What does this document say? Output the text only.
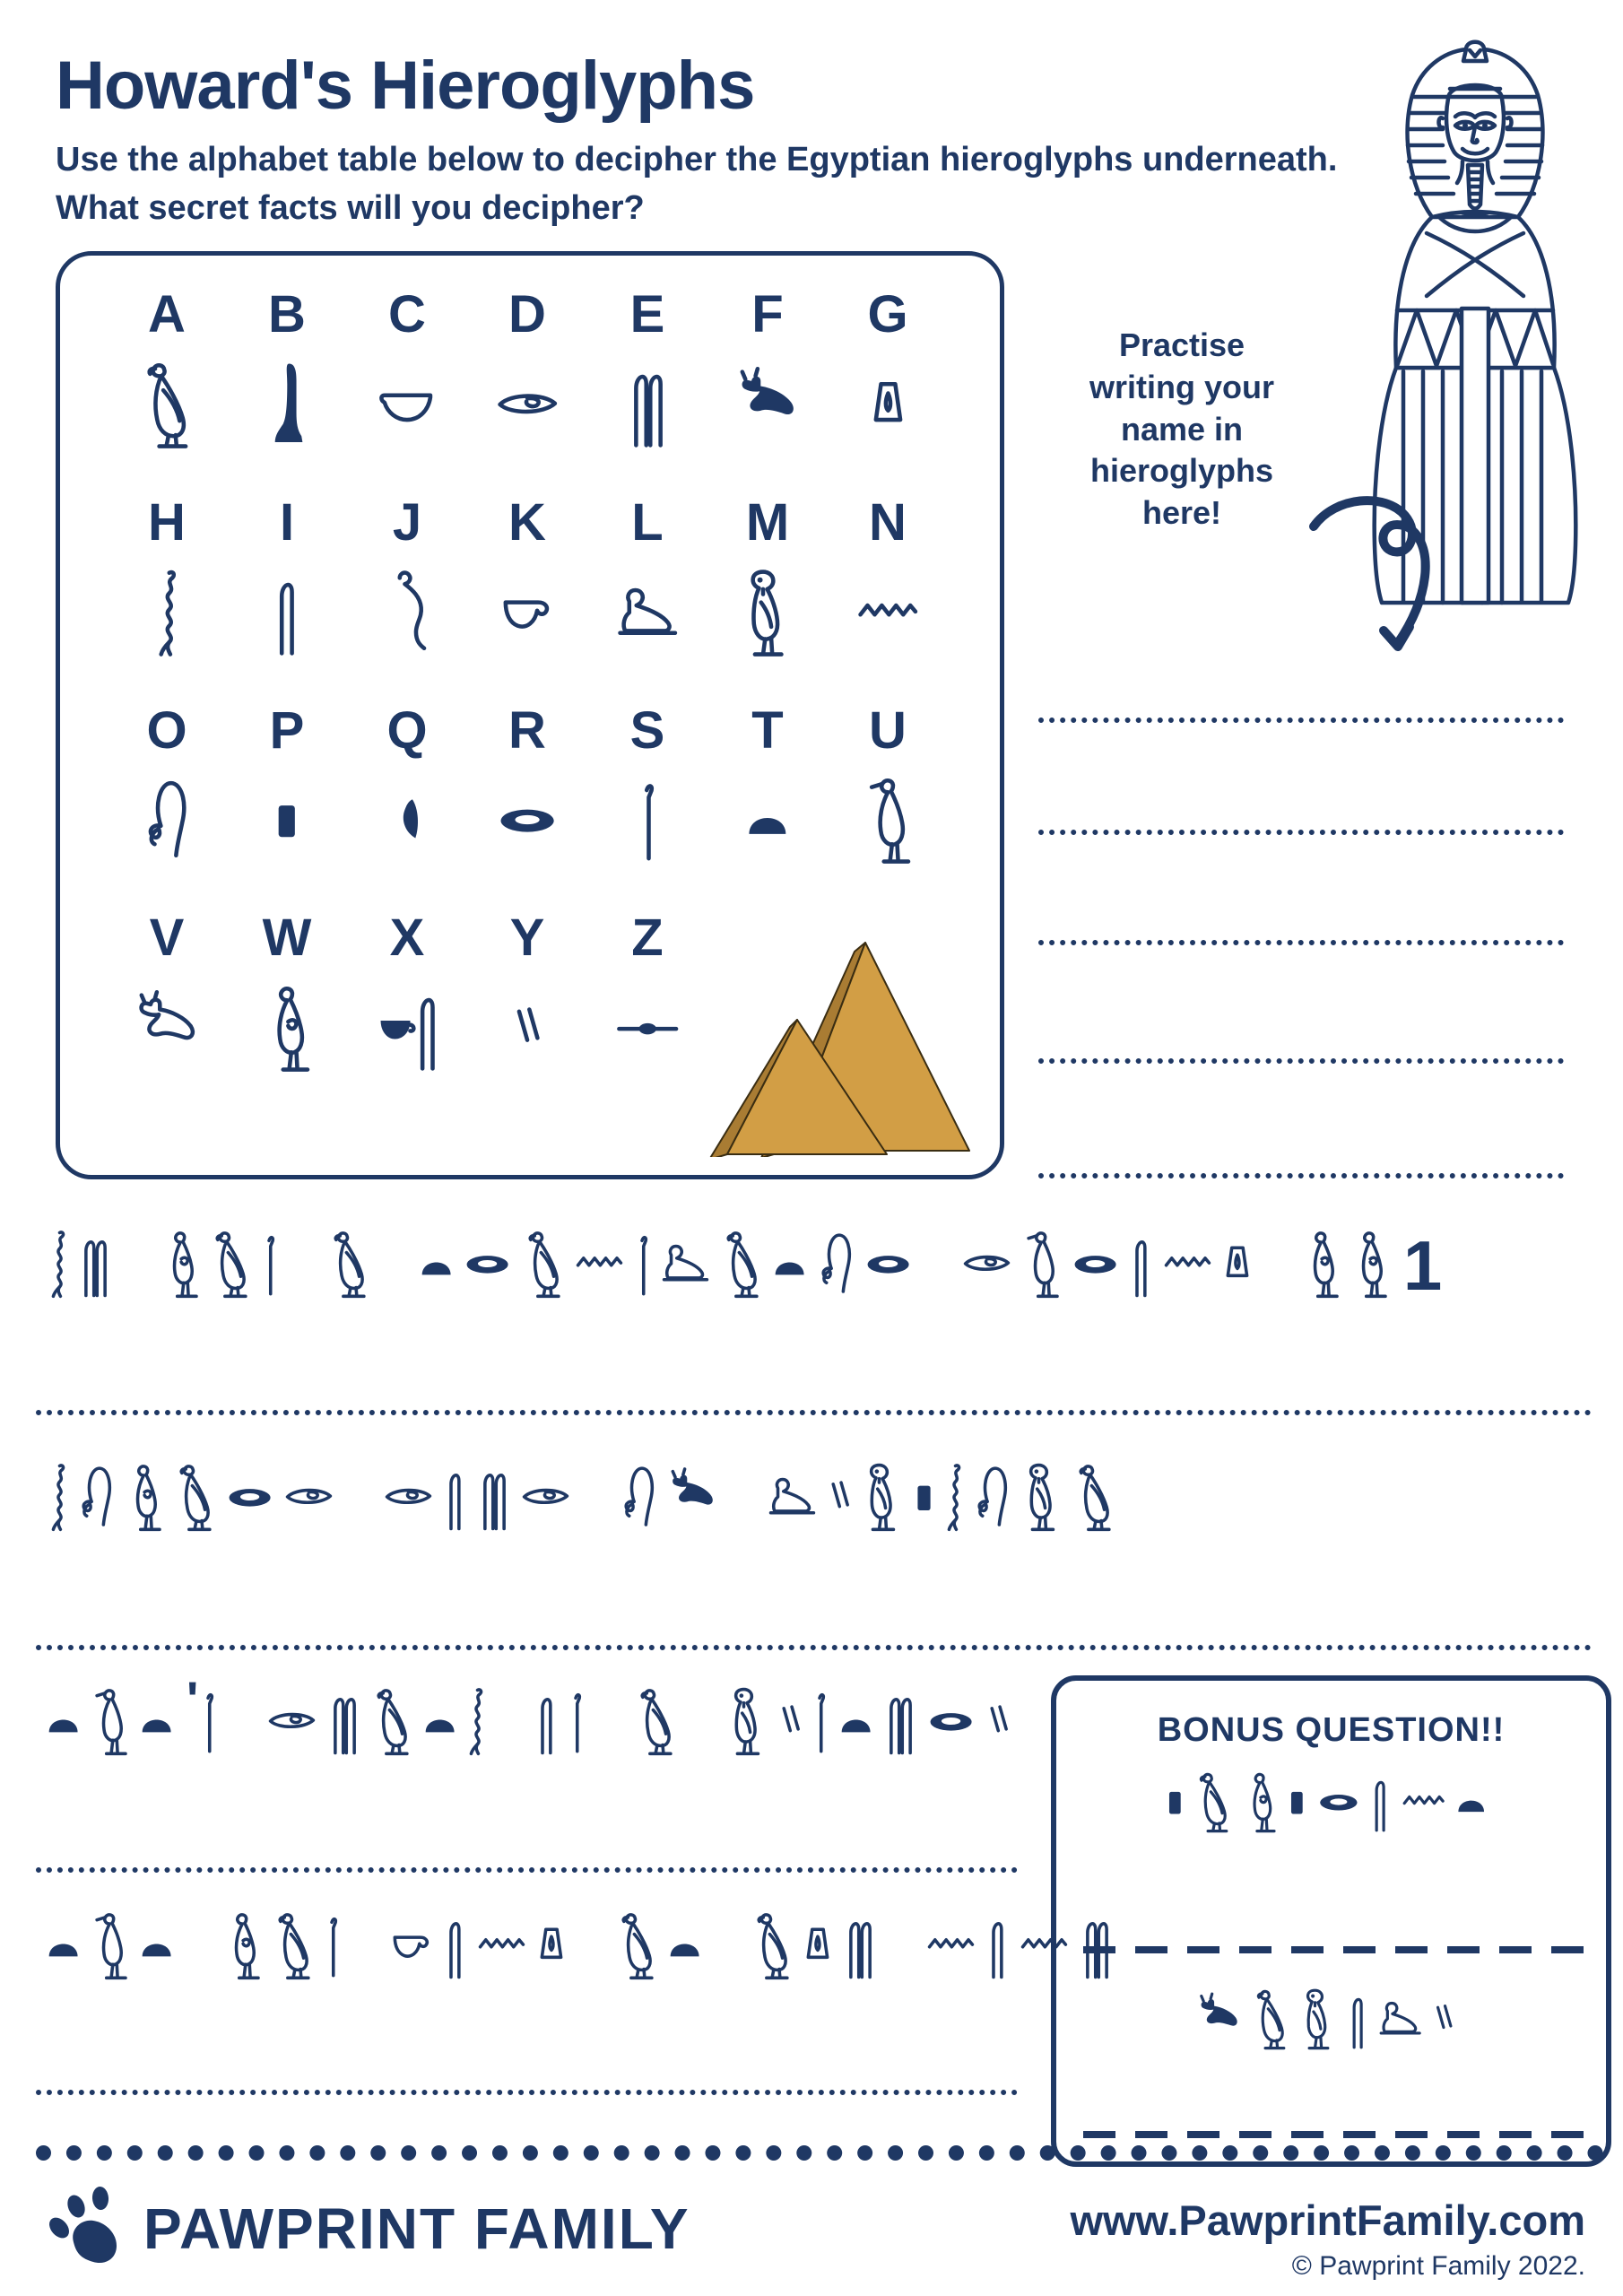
Howard's Hieroglyphs
Use the alphabet table below to decipher the Egyptian hieroglyphs underneath.
What secret facts will you decipher?
A	B	C	D	E	F	G
H	I	J	K	L	M	N
O	P	Q	R	S	T	U
V	W	X	Y	Z
Practise writing your name in hieroglyphs here!
1
'
BONUS QUESTION!!
PAWPRINT FAMILY	www.PawprintFamily.com
© Pawprint Family 2022.
